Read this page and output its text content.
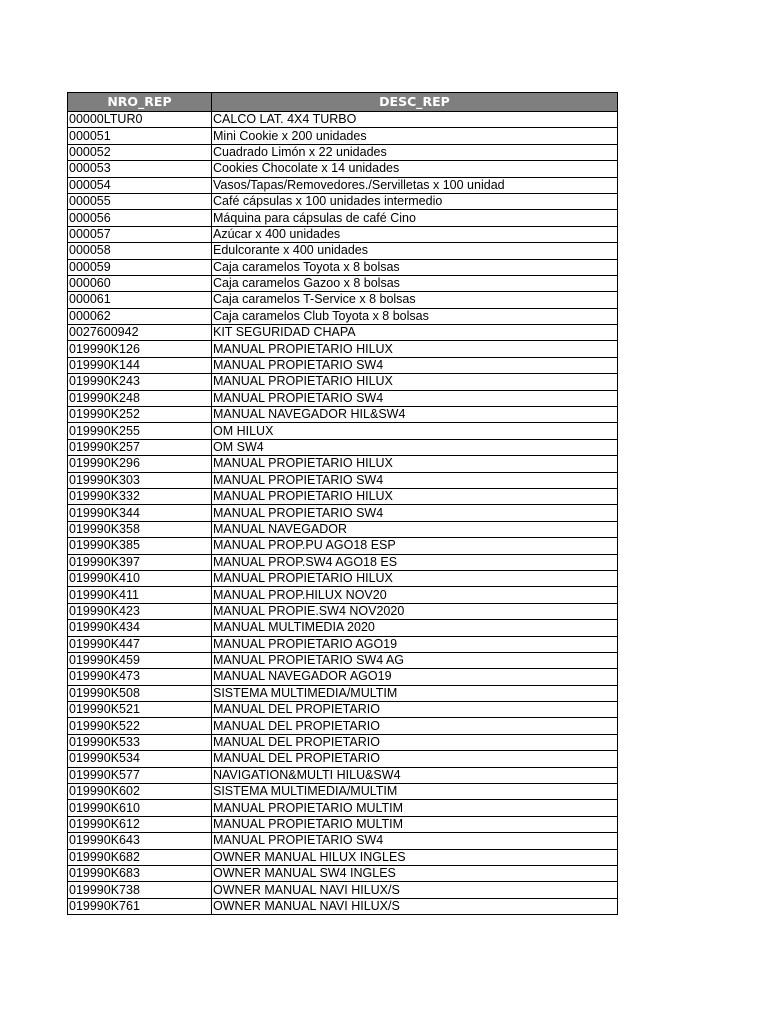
NRO_REP	DESC_REP
00000LTUR0	CALCO LAT. 4X4 TURBO
000051	Mini Cookie x 200 unidades
000052	Cuadrado Limón x 22 unidades
000053	Cookies Chocolate x 14 unidades
000054	Vasos/Tapas/Removedores./Servilletas x 100 unidad
000055	Café cápsulas x 100 unidades intermedio
000056	Máquina para cápsulas de café Cino
000057	Azúcar x 400 unidades
000058	Edulcorante x 400 unidades
000059	Caja caramelos Toyota x 8 bolsas
000060	Caja caramelos Gazoo x 8 bolsas
000061	Caja caramelos T-Service x 8 bolsas
000062	Caja caramelos Club Toyota x 8 bolsas
0027600942	KIT SEGURIDAD CHAPA
019990K126	MANUAL PROPIETARIO HILUX
019990K144	MANUAL PROPIETARIO SW4
019990K243	MANUAL PROPIETARIO HILUX
019990K248	MANUAL PROPIETARIO SW4
019990K252	MANUAL NAVEGADOR HIL&SW4
019990K255	OM HILUX
019990K257	OM SW4
019990K296	MANUAL PROPIETARIO HILUX
019990K303	MANUAL PROPIETARIO SW4
019990K332	MANUAL PROPIETARIO HILUX
019990K344	MANUAL PROPIETARIO SW4
019990K358	MANUAL NAVEGADOR
019990K385	MANUAL PROP.PU AGO18 ESP
019990K397	MANUAL PROP.SW4 AGO18 ES
019990K410	MANUAL PROPIETARIO HILUX
019990K411	MANUAL PROP.HILUX NOV20
019990K423	MANUAL PROPIE.SW4 NOV2020
019990K434	MANUAL MULTIMEDIA 2020
019990K447	MANUAL PROPIETARIO AGO19
019990K459	MANUAL PROPIETARIO SW4 AG
019990K473	MANUAL NAVEGADOR AGO19
019990K508	SISTEMA MULTIMEDIA/MULTIM
019990K521	MANUAL DEL PROPIETARIO
019990K522	MANUAL DEL PROPIETARIO
019990K533	MANUAL DEL PROPIETARIO
019990K534	MANUAL DEL PROPIETARIO
019990K577	NAVIGATION&MULTI HILU&SW4
019990K602	SISTEMA MULTIMEDIA/MULTIM
019990K610	MANUAL PROPIETARIO MULTIM
019990K612	MANUAL PROPIETARIO MULTIM
019990K643	MANUAL PROPIETARIO SW4
019990K682	OWNER MANUAL HILUX INGLES
019990K683	OWNER MANUAL SW4 INGLES
019990K738	OWNER MANUAL NAVI HILUX/S
019990K761	OWNER MANUAL NAVI HILUX/S
